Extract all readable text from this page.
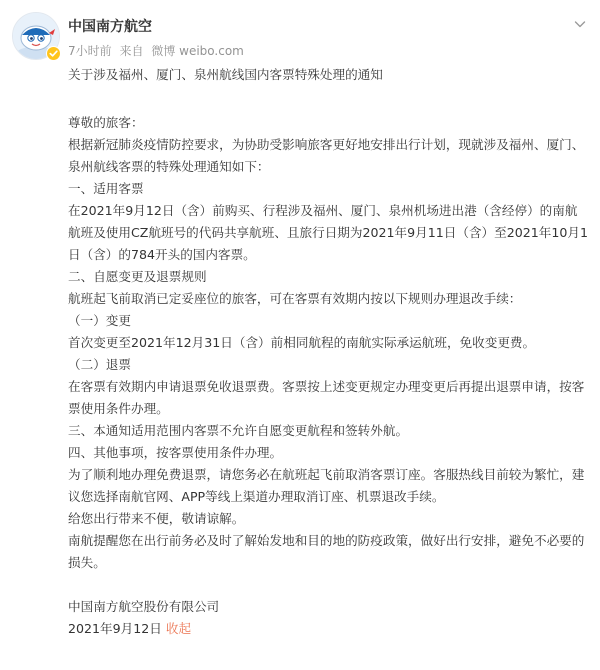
中国南方航空
7小时前 来自 微博 weibo.com

关于涉及福州、厦门、泉州航线国内客票特殊处理的通知

尊敬的旅客：

根据新冠肺炎疫情防控要求，为协助受影响旅客更好地安排出行计划，现就涉及福州、厦门、泉州航线客票的特殊处理通知如下：

一、适用客票

在2021年9月12日（含）前购买、行程涉及福州、厦门、泉州机场进出港（含经停）的南航航班及使用CZ航班号的代码共享航班、且旅行日期为2021年9月11日（含）至2021年10月1日（含）的784开头的国内客票。

二、自愿变更及退票规则

航班起飞前取消已定妥座位的旅客，可在客票有效期内按以下规则办理退改手续：

（一）变更

首次变更至2021年12月31日（含）前相同航程的南航实际承运航班，免收变更费。

（二）退票

在客票有效期内申请退票免收退票费。客票按上述变更规定办理变更后再提出退票申请，按客票使用条件办理。

三、本通知适用范围内客票不允许自愿变更航程和签转外航。

四、其他事项，按客票使用条件办理。

为了顺利地办理免费退票，请您务必在航班起飞前取消客票订座。客服热线目前较为繁忙，建议您选择南航官网、APP等线上渠道办理取消订座、机票退改手续。

给您出行带来不便，敬请谅解。

南航提醒您在出行前务必及时了解始发地和目的地的防疫政策，做好出行安排，避免不必要的损失。

中国南方航空股份有限公司

2021年9月12日 收起
